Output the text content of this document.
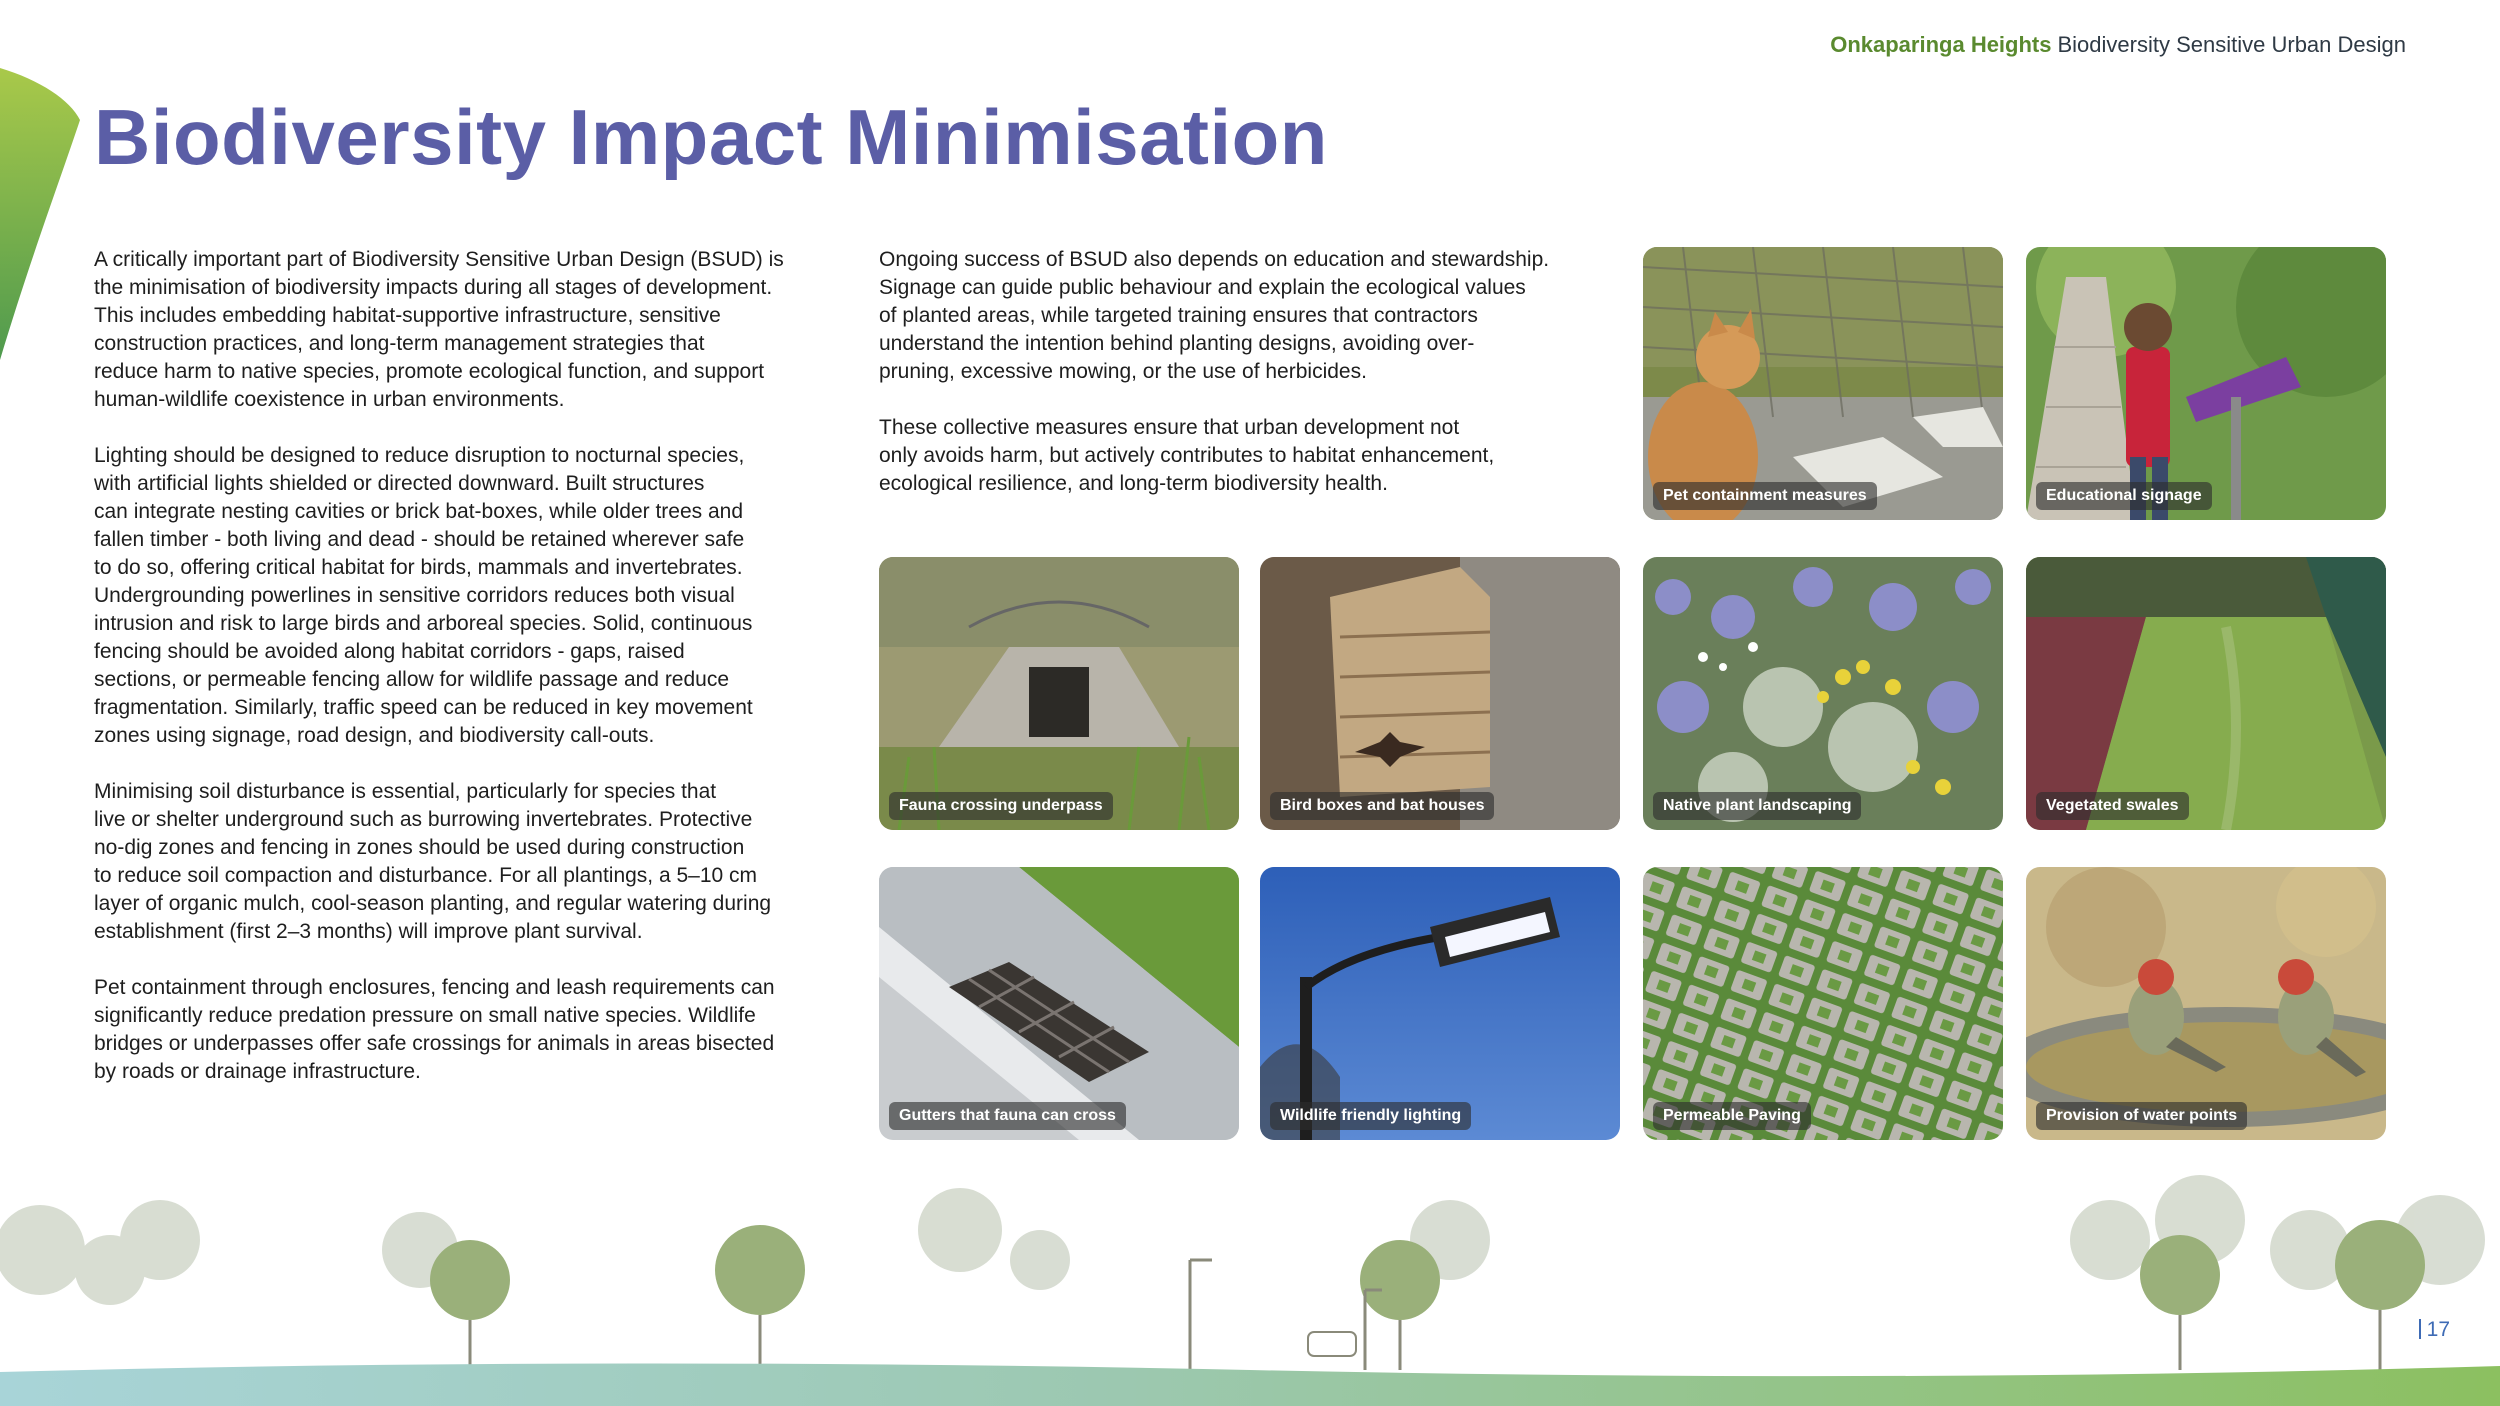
Onkaparinga Heights Biodiversity Sensitive Urban Design
Biodiversity Impact Minimisation

A critically important part of Biodiversity Sensitive Urban Design (BSUD) is
the minimisation of biodiversity impacts during all stages of development.
This includes embedding habitat-supportive infrastructure, sensitive
construction practices, and long-term management strategies that
reduce harm to native species, promote ecological function, and support
human-wildlife coexistence in urban environments.

Lighting should be designed to reduce disruption to nocturnal species,
with artificial lights shielded or directed downward. Built structures
can integrate nesting cavities or brick bat-boxes, while older trees and
fallen timber - both living and dead - should be retained wherever safe
to do so, offering critical habitat for birds, mammals and invertebrates.
Undergrounding powerlines in sensitive corridors reduces both visual
intrusion and risk to large birds and arboreal species. Solid, continuous
fencing should be avoided along habitat corridors - gaps, raised
sections, or permeable fencing allow for wildlife passage and reduce
fragmentation. Similarly, traffic speed can be reduced in key movement
zones using signage, road design, and biodiversity call-outs.

Minimising soil disturbance is essential, particularly for species that
live or shelter underground such as burrowing invertebrates. Protective
no-dig zones and fencing in zones should be used during construction
to reduce soil compaction and disturbance. For all plantings, a 5–10 cm
layer of organic mulch, cool-season planting, and regular watering during
establishment (first 2–3 months) will improve plant survival.

Pet containment through enclosures, fencing and leash requirements can
significantly reduce predation pressure on small native species. Wildlife
bridges or underpasses offer safe crossings for animals in areas bisected
by roads or drainage infrastructure.

Ongoing success of BSUD also depends on education and stewardship.
Signage can guide public behaviour and explain the ecological values
of planted areas, while targeted training ensures that contractors
understand the intention behind planting designs, avoiding over-
pruning, excessive mowing, or the use of herbicides.

These collective measures ensure that urban development not
only avoids harm, but actively contributes to habitat enhancement,
ecological resilience, and long-term biodiversity health.

Pet containment measures	Educational signage
Fauna crossing underpass	Bird boxes and bat houses	Native plant landscaping	Vegetated swales
Gutters that fauna can cross	Wildlife friendly lighting	Permeable Paving	Provision of water points
17
